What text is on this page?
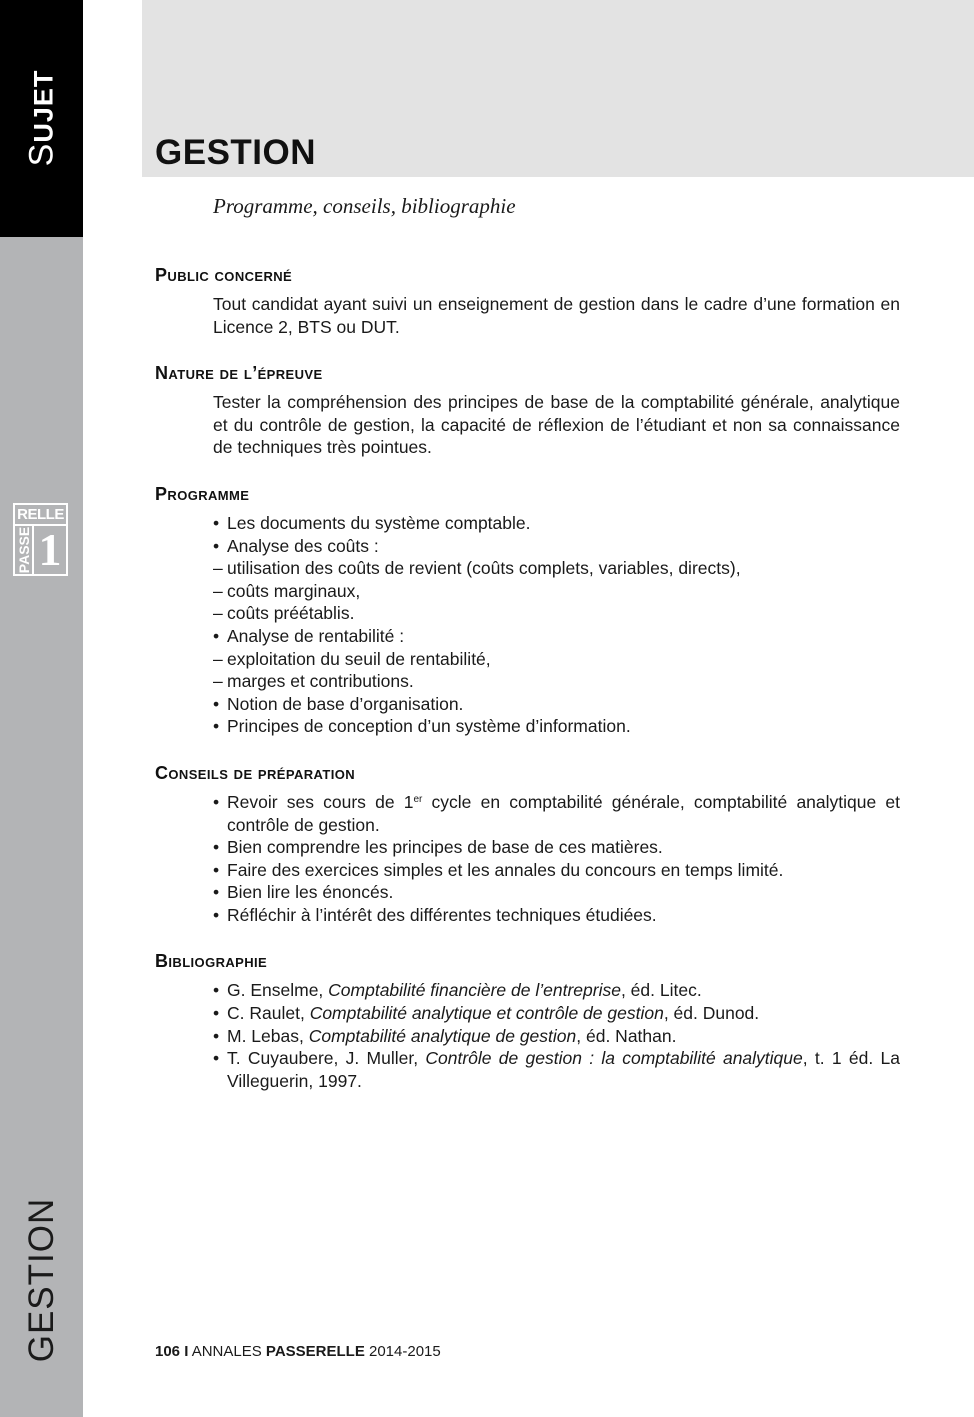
SUJET
RELLE
PASSE 1
GESTION
GESTION
Programme, conseils, bibliographie
Public concerné

Tout candidat ayant suivi un enseignement de gestion dans le cadre d’une formation en Licence 2, BTS ou DUT.

Nature de l’épreuve

Tester la compréhension des principes de base de la comptabilité générale, analytique et du contrôle de gestion, la capacité de réflexion de l’étudiant et non sa connaissance de techniques très pointues.

Programme
• Les documents du système comptable.
• Analyse des coûts :
– utilisation des coûts de revient (coûts complets, variables, directs),
– coûts marginaux,
– coûts préétablis.
• Analyse de rentabilité :
– exploitation du seuil de rentabilité,
– marges et contributions.
• Notion de base d’organisation.
• Principes de conception d’un système d’information.
Conseils de préparation
• Revoir ses cours de 1er cycle en comptabilité générale, comptabilité analytique et contrôle de gestion.
• Bien comprendre les principes de base de ces matières.
• Faire des exercices simples et les annales du concours en temps limité.
• Bien lire les énoncés.
• Réfléchir à l’intérêt des différentes techniques étudiées.
Bibliographie
• G. Enselme, Comptabilité financière de l’entreprise, éd. Litec.
• C. Raulet, Comptabilité analytique et contrôle de gestion, éd. Dunod.
• M. Lebas, Comptabilité analytique de gestion, éd. Nathan.
• T. Cuyaubere, J. Muller, Contrôle de gestion : la comptabilité analytique, t. 1 éd. La Villeguerin, 1997.
106 I ANNALES PASSERELLE 2014-2015
